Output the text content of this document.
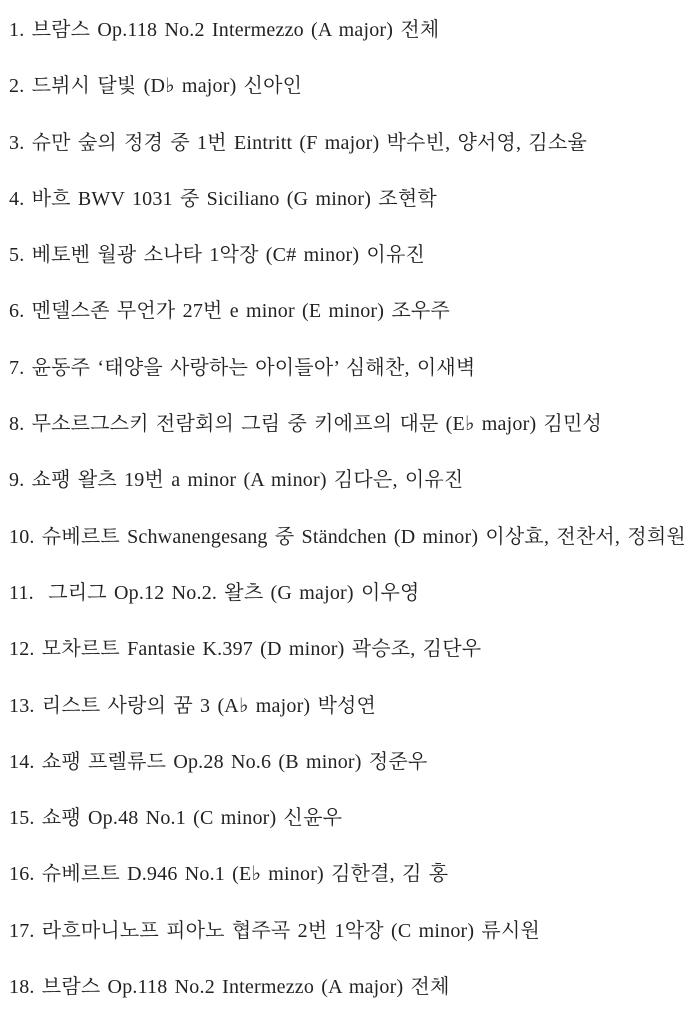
1. 브람스 Op.118 No.2 Intermezzo (A major) 전체

2. 드뷔시 달빛 (D♭ major) 신아인

3. 슈만 숲의 정경 중 1번 Eintritt (F major) 박수빈, 양서영, 김소율

4. 바흐 BWV 1031 중 Siciliano (G minor) 조현학

5. 베토벤 월광 소나타 1악장 (C# minor) 이유진

6. 멘델스존 무언가 27번 e minor (E minor) 조우주

7. 윤동주 ‘태양을 사랑하는 아이들아’ 심해찬, 이새벽

8. 무소르그스키 전람회의 그림 중 키에프의 대문 (E♭ major) 김민성

9. 쇼팽 왈츠 19번 a minor (A minor) 김다은, 이유진

10. 슈베르트 Schwanengesang 중 Ständchen (D minor) 이상효, 전찬서, 정희원

11.  그리그 Op.12 No.2. 왈츠 (G major) 이우영

12. 모차르트 Fantasie K.397 (D minor) 곽승조, 김단우

13. 리스트 사랑의 꿈 3 (A♭ major) 박성연

14. 쇼팽 프렐류드 Op.28 No.6 (B minor) 정준우

15. 쇼팽 Op.48 No.1 (C minor) 신윤우

16. 슈베르트 D.946 No.1 (E♭ minor) 김한결, 김 홍

17. 라흐마니노프 피아노 협주곡 2번 1악장 (C minor) 류시원

18. 브람스 Op.118 No.2 Intermezzo (A major) 전체
